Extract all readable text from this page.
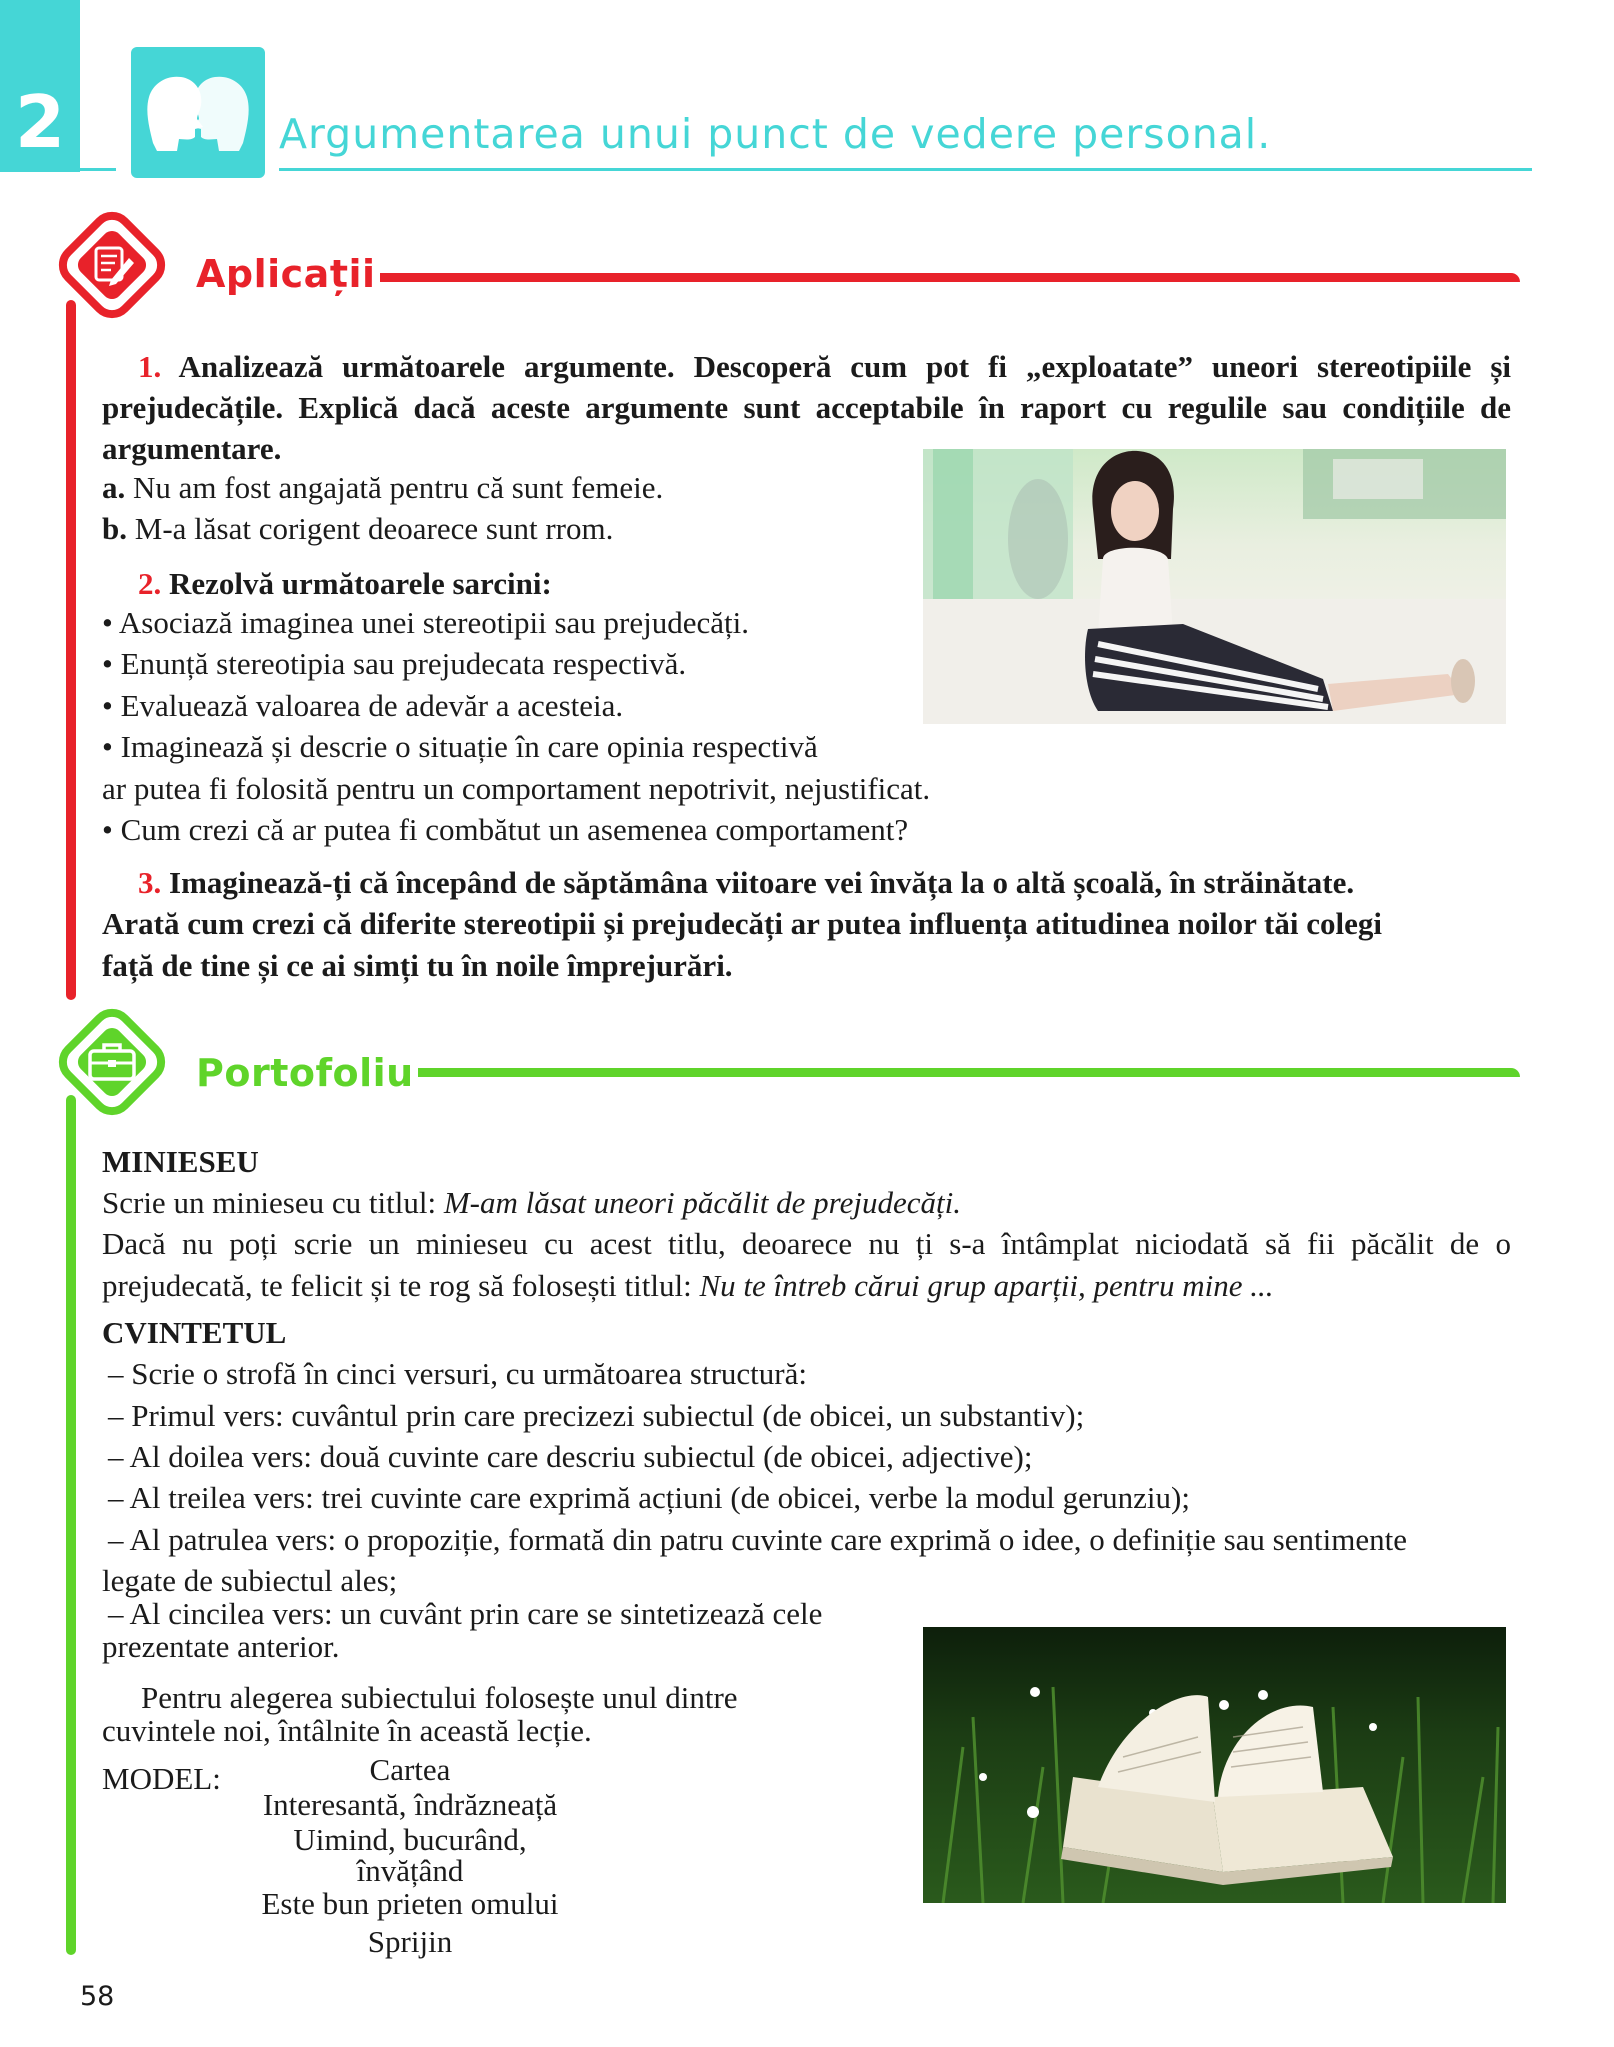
2	Argumentarea unui punct de vedere personal.
Aplicații
1. Analizează următoarele argumente. Descoperă cum pot fi „exploatate” uneori stereotipiile și
prejudecățile. Explică dacă aceste argumente sunt acceptabile în raport cu regulile sau condițiile de
argumentare.
a. Nu am fost angajată pentru că sunt femeie.
b. M-a lăsat corigent deoarece sunt rrom.
2. Rezolvă următoarele sarcini:
• Asociază imaginea unei stereotipii sau prejudecăți.
• Enunță stereotipia sau prejudecata respectivă.
• Evaluează valoarea de adevăr a acesteia.
• Imaginează și descrie o situație în care opinia respectivă
ar putea fi folosită pentru un comportament nepotrivit, nejustificat.
• Cum crezi că ar putea fi combătut un asemenea comportament?
3. Imaginează-ți că începând de săptămâna viitoare vei învăța la o altă școală, în străinătate.
Arată cum crezi că diferite stereotipii și prejudecăți ar putea influența atitudinea noilor tăi colegi
față de tine și ce ai simți tu în noile împrejurări.
Portofoliu
MINIESEU
Scrie un minieseu cu titlul: M-am lăsat uneori păcălit de prejudecăți.
Dacă nu poți scrie un minieseu cu acest titlu, deoarece nu ți s-a întâmplat niciodată să fii păcălit de o
prejudecată, te felicit și te rog să folosești titlul: Nu te întreb cărui grup aparții, pentru mine ...
CVINTETUL
– Scrie o strofă în cinci versuri, cu următoarea structură:
– Primul vers: cuvântul prin care precizezi subiectul (de obicei, un substantiv);
– Al doilea vers: două cuvinte care descriu subiectul (de obicei, adjective);
– Al treilea vers: trei cuvinte care exprimă acțiuni (de obicei, verbe la modul gerunziu);
– Al patrulea vers: o propoziție, formată din patru cuvinte care exprimă o idee, o definiție sau sentimente
legate de subiectul ales;
– Al cincilea vers: un cuvânt prin care se sintetizează cele
prezentate anterior.
Pentru alegerea subiectului folosește unul dintre
cuvintele noi, întâlnite în această lecție.
MODEL:	Cartea
Interesantă, îndrăzneață
Uimind, bucurând,
învățând
Este bun prieten omului
Sprijin
58
